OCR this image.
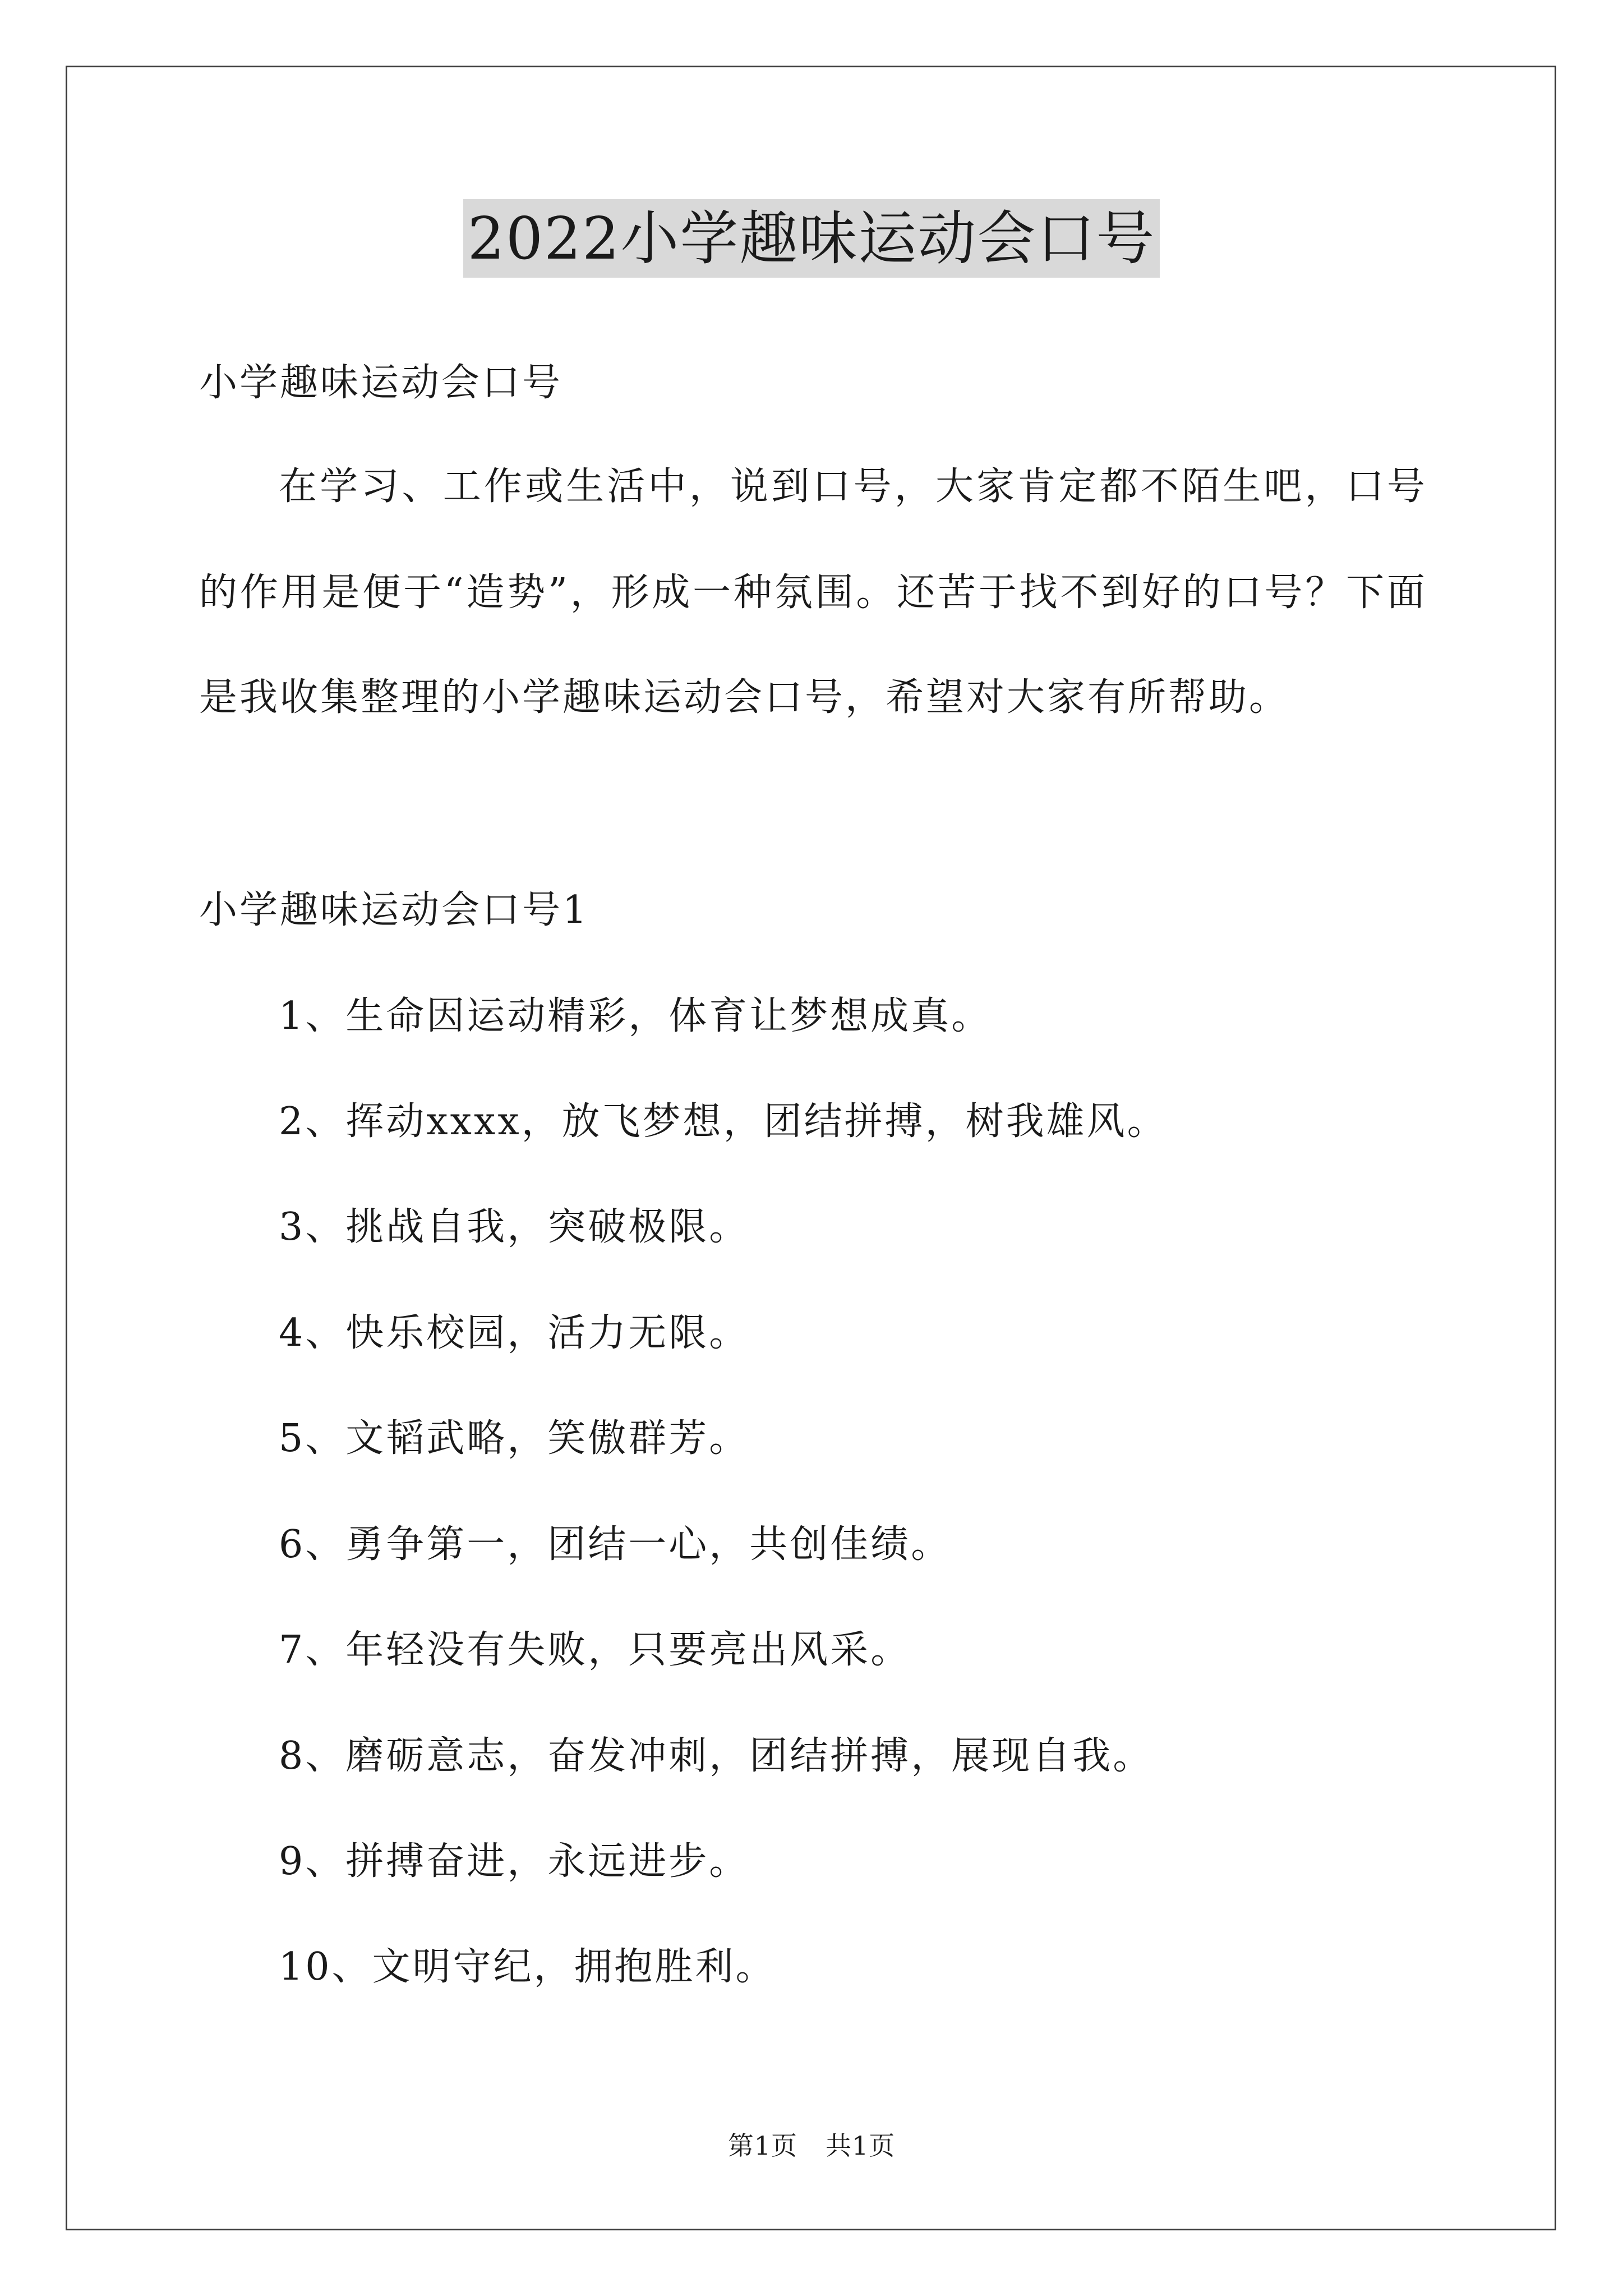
2022小学趣味运动会口号
小学趣味运动会口号
在学习、工作或生活中，说到口号，大家肯定都不陌生吧，口号
的作用是便于“造势”，形成一种氛围。还苦于找不到好的口号？下面
是我收集整理的小学趣味运动会口号，希望对大家有所帮助。
小学趣味运动会口号1
1、生命因运动精彩，体育让梦想成真。
2、挥动xxxx，放飞梦想，团结拼搏，树我雄风。
3、挑战自我，突破极限。
4、快乐校园，活力无限。
5、文韬武略，笑傲群芳。
6、勇争第一，团结一心，共创佳绩。
7、年轻没有失败，只要亮出风采。
8、磨砺意志，奋发冲刺，团结拼搏，展现自我。
9、拼搏奋进，永远进步。
10、文明守纪，拥抱胜利。
第1页 共1页
